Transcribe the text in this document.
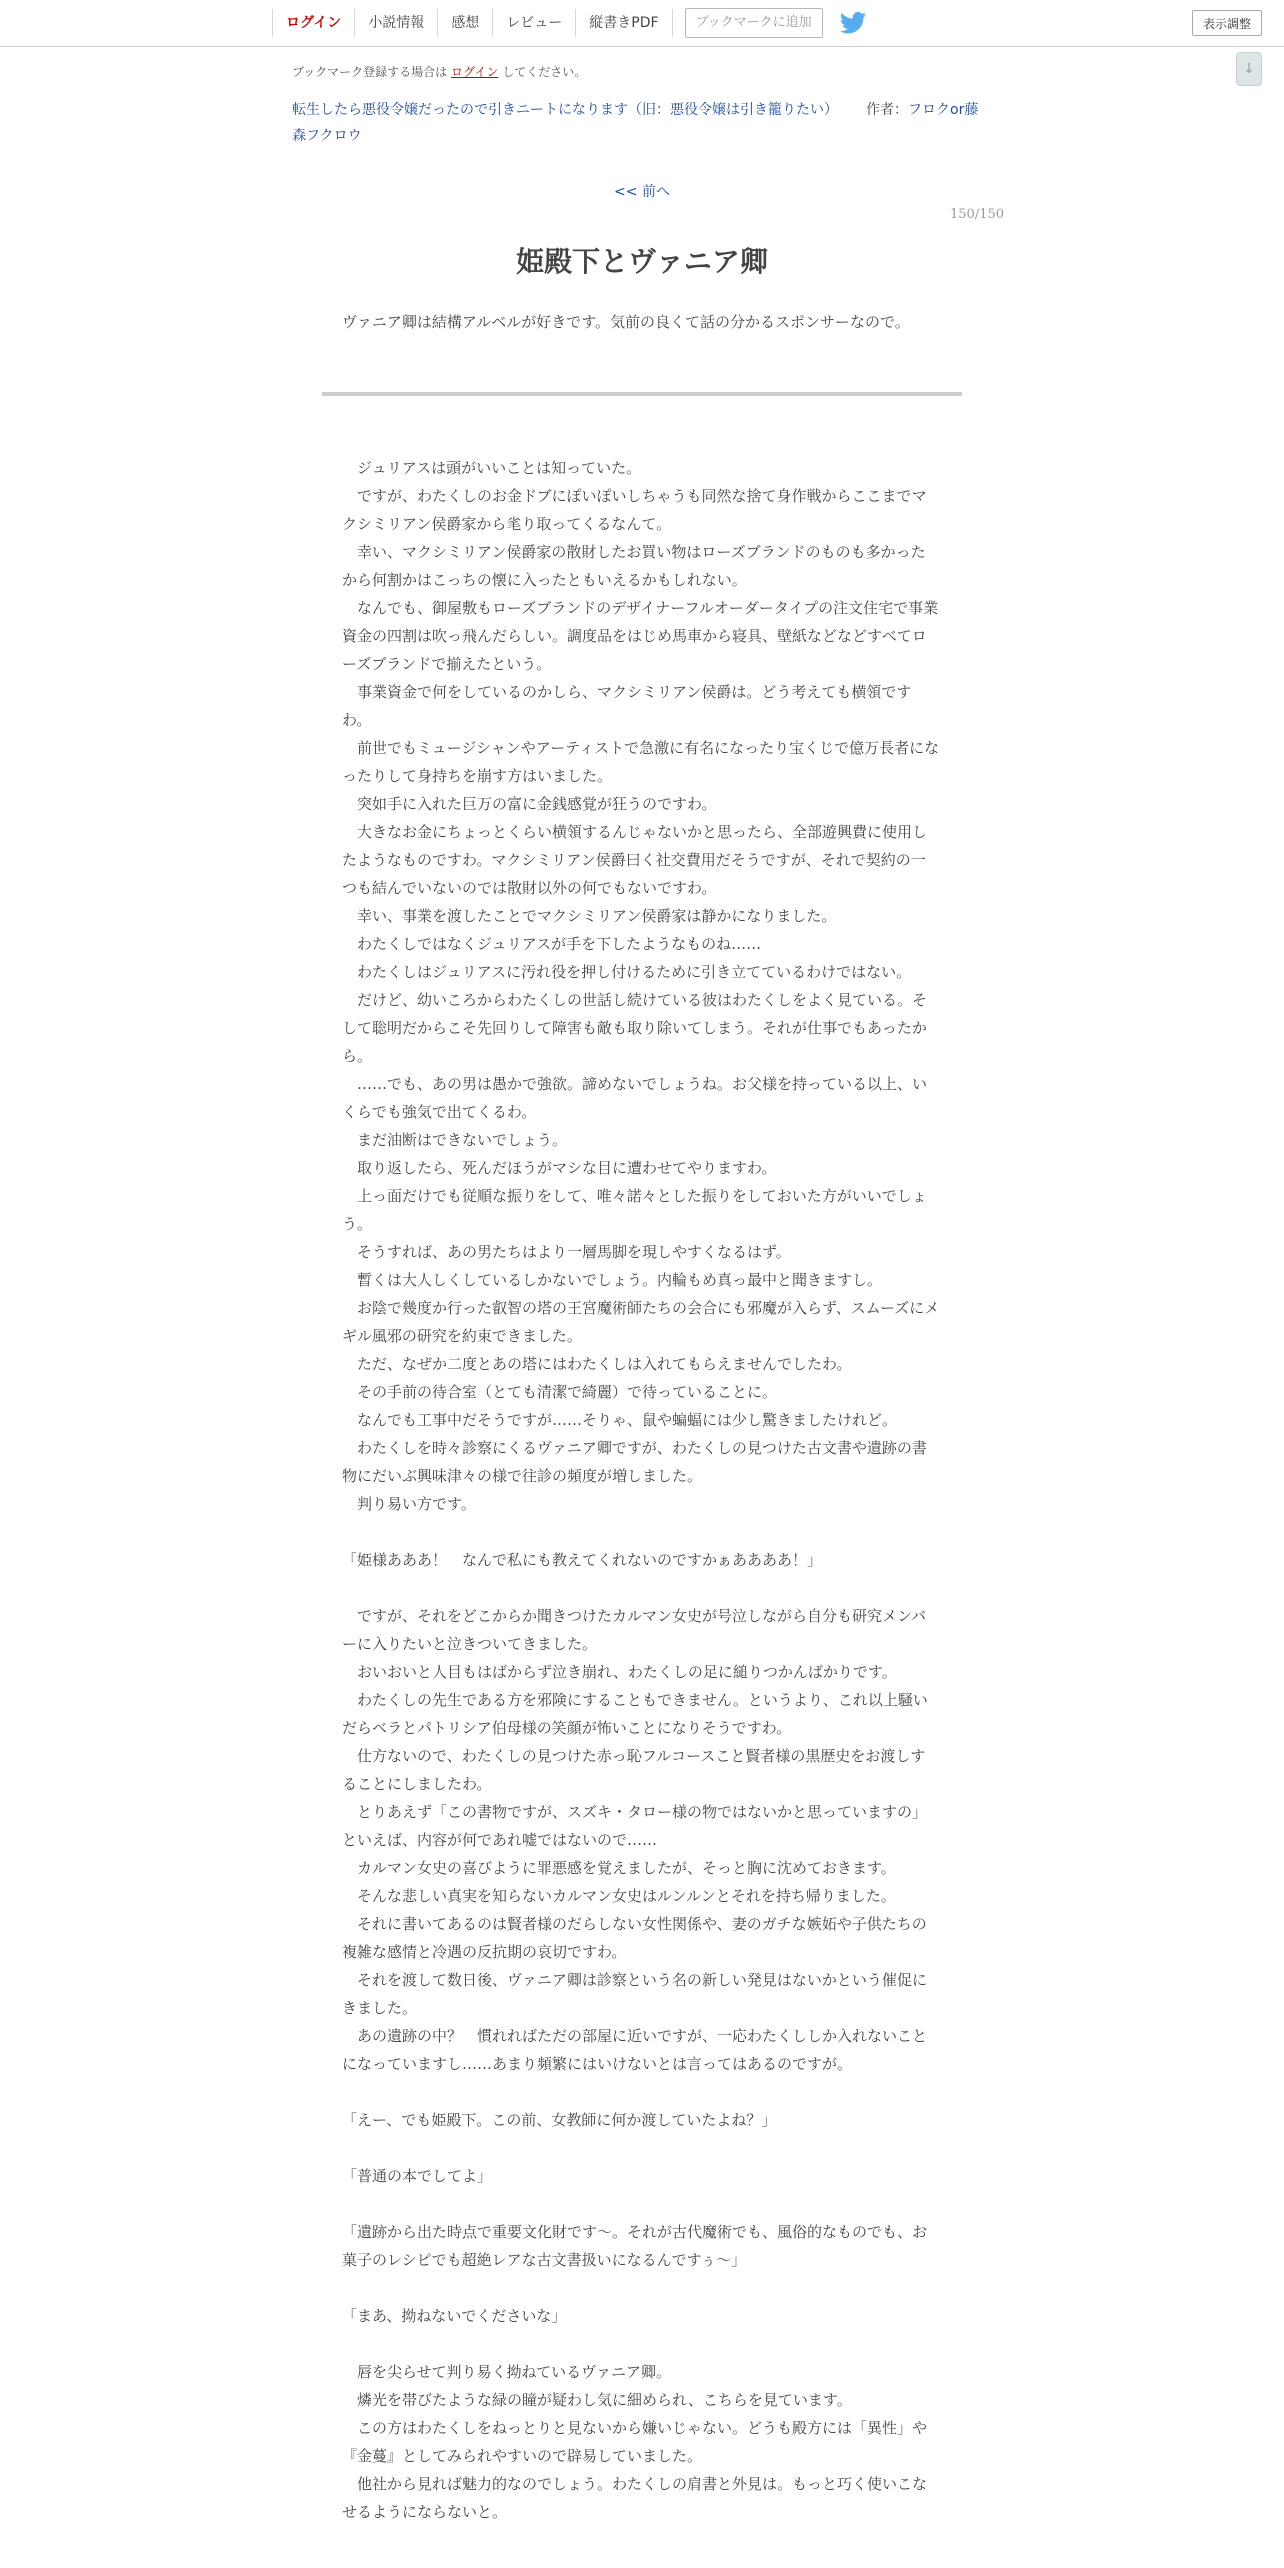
ログイン	小説情報	感想	レビュー	縦書きPDF	ブックマークに追加	表示調整
↓
ブックマーク登録する場合は ログイン してください。
転生したら悪役令嬢だったので引きニートになります（旧：悪役令嬢は引き籠りたい） 作者：フロクor藤森フクロウ
<< 前へ
150/150
姫殿下とヴァニア卿
ヴァニア卿は結構アルベルが好きです。気前の良くて話の分かるスポンサーなので。

　ジュリアスは頭がいいことは知っていた。

　ですが、わたくしのお金ドブにぽいぽいしちゃうも同然な捨て身作戦からここまでマクシミリアン侯爵家から毟り取ってくるなんて。

　幸い、マクシミリアン侯爵家の散財したお買い物はローズブランドのものも多かったから何割かはこっちの懐に入ったともいえるかもしれない。

　なんでも、御屋敷もローズブランドのデザイナーフルオーダータイプの注文住宅で事業資金の四割は吹っ飛んだらしい。調度品をはじめ馬車から寝具、壁紙などなどすべてローズブランドで揃えたという。

　事業資金で何をしているのかしら、マクシミリアン侯爵は。どう考えても横領ですわ。

　前世でもミュージシャンやアーティストで急激に有名になったり宝くじで億万長者になったりして身持ちを崩す方はいました。

　突如手に入れた巨万の富に金銭感覚が狂うのですわ。

　大きなお金にちょっとくらい横領するんじゃないかと思ったら、全部遊興費に使用したようなものですわ。マクシミリアン侯爵曰く社交費用だそうですが、それで契約の一つも結んでいないのでは散財以外の何でもないですわ。

　幸い、事業を渡したことでマクシミリアン侯爵家は静かになりました。

　わたくしではなくジュリアスが手を下したようなものね……

　わたくしはジュリアスに汚れ役を押し付けるために引き立てているわけではない。

　だけど、幼いころからわたくしの世話し続けている彼はわたくしをよく見ている。そして聡明だからこそ先回りして障害も敵も取り除いてしまう。それが仕事でもあったから。

　……でも、あの男は愚かで強欲。諦めないでしょうね。お父様を持っている以上、いくらでも強気で出てくるわ。

　まだ油断はできないでしょう。

　取り返したら、死んだほうがマシな目に遭わせてやりますわ。

　上っ面だけでも従順な振りをして、唯々諾々とした振りをしておいた方がいいでしょう。

　そうすれば、あの男たちはより一層馬脚を現しやすくなるはず。

　暫くは大人しくしているしかないでしょう。内輪もめ真っ最中と聞きますし。

　お陰で幾度か行った叡智の塔の王宮魔術師たちの会合にも邪魔が入らず、スムーズにメギル風邪の研究を約束できました。

　ただ、なぜか二度とあの塔にはわたくしは入れてもらえませんでしたわ。

　その手前の待合室（とても清潔で綺麗）で待っていることに。

　なんでも工事中だそうですが……そりゃ、鼠や蝙蝠には少し驚きましたけれど。

　わたくしを時々診察にくるヴァニア卿ですが、わたくしの見つけた古文書や遺跡の書物にだいぶ興味津々の様で往診の頻度が増しました。

　判り易い方です。

「姫様あああ！　なんで私にも教えてくれないのですかぁああああ！」

　ですが、それをどこからか聞きつけたカルマン女史が号泣しながら自分も研究メンバーに入りたいと泣きついてきました。

　おいおいと人目もはばからず泣き崩れ、わたくしの足に縋りつかんばかりです。

　わたくしの先生である方を邪険にすることもできません。というより、これ以上騒いだらベラとパトリシア伯母様の笑顔が怖いことになりそうですわ。

　仕方ないので、わたくしの見つけた赤っ恥フルコースこと賢者様の黒歴史をお渡しすることにしましたわ。

　とりあえず「この書物ですが、スズキ・タロー様の物ではないかと思っていますの」といえば、内容が何であれ嘘ではないので……

　カルマン女史の喜びように罪悪感を覚えましたが、そっと胸に沈めておきます。

　そんな悲しい真実を知らないカルマン女史はルンルンとそれを持ち帰りました。

　それに書いてあるのは賢者様のだらしない女性関係や、妻のガチな嫉妬や子供たちの複雑な感情と冷遇の反抗期の哀切ですわ。

　それを渡して数日後、ヴァニア卿は診察という名の新しい発見はないかという催促にきました。

　あの遺跡の中？　慣れればただの部屋に近いですが、一応わたくししか入れないことになっていますし……あまり頻繁にはいけないとは言ってはあるのですが。

「えー、でも姫殿下。この前、女教師に何か渡していたよね？」

「普通の本でしてよ」

「遺跡から出た時点で重要文化財です～。それが古代魔術でも、風俗的なものでも、お菓子のレシピでも超絶レアな古文書扱いになるんですぅ～」

「まあ、拗ねないでくださいな」

　唇を尖らせて判り易く拗ねているヴァニア卿。

　燐光を帯びたような緑の瞳が疑わし気に細められ、こちらを見ています。

　この方はわたくしをねっとりと見ないから嫌いじゃない。どうも殿方には「異性」や『金蔓』としてみられやすいので辟易していました。

　他社から見れば魅力的なのでしょう。わたくしの肩書と外見は。もっと巧く使いこなせるようにならないと。
